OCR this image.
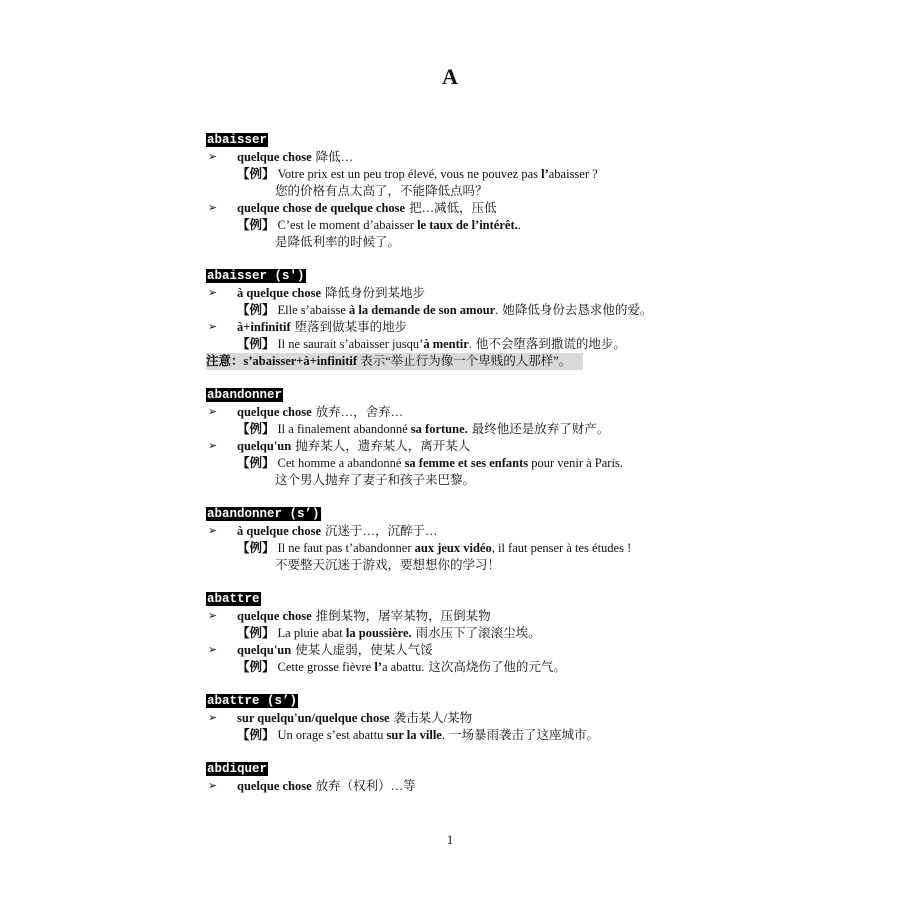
A
abaisser
➢ quelque chose 降低…
【例】 Votre prix est un peu trop élevé, vous ne pouvez pas l’abaisser ?
您的价格有点太高了，不能降低点吗？
➢ quelque chose de quelque chose 把…减低，压低
【例】 C’est le moment d’abaisser le taux de l’intérêt..
是降低利率的时候了。
abaisser (s')
➢ à quelque chose 降低身份到某地步
【例】 Elle s’abaisse à la demande de son amour. 她降低身份去恳求他的爱。
➢ à+infinitif 堕落到做某事的地步
【例】 Il ne saurait s’abaisser jusqu’à mentir. 他不会堕落到撒谎的地步。
注意：s’abaisser+à+infinitif 表示“举止行为像一个卑贱的人那样”。
abandonner
➢ quelque chose 放弃…，舍弃…
【例】 Il a finalement abandonné sa fortune. 最终他还是放弃了财产。
➢ quelqu'un 抛弃某人，遗弃某人，离开某人
【例】 Cet homme a abandonné sa femme et ses enfants pour venir à Paris.
这个男人抛弃了妻子和孩子来巴黎。
abandonner (s’)
➢ à quelque chose 沉迷于…，沉醉于…
【例】 Il ne faut pas t’abandonner aux jeux vidéo, il faut penser à tes études !
不要整天沉迷于游戏，要想想你的学习！
abattre
➢ quelque chose 推倒某物，屠宰某物，压倒某物
【例】 La pluie abat la poussière. 雨水压下了滚滚尘埃。
➢ quelqu'un 使某人虚弱，使某人气馁
【例】 Cette grosse fièvre l’a abattu. 这次高烧伤了他的元气。
abattre (s’)
➢ sur quelqu'un/quelque chose 袭击某人/某物
【例】 Un orage s’est abattu sur la ville. 一场暴雨袭击了这座城市。
abdiquer
➢ quelque chose 放弃（权利）…等
1
